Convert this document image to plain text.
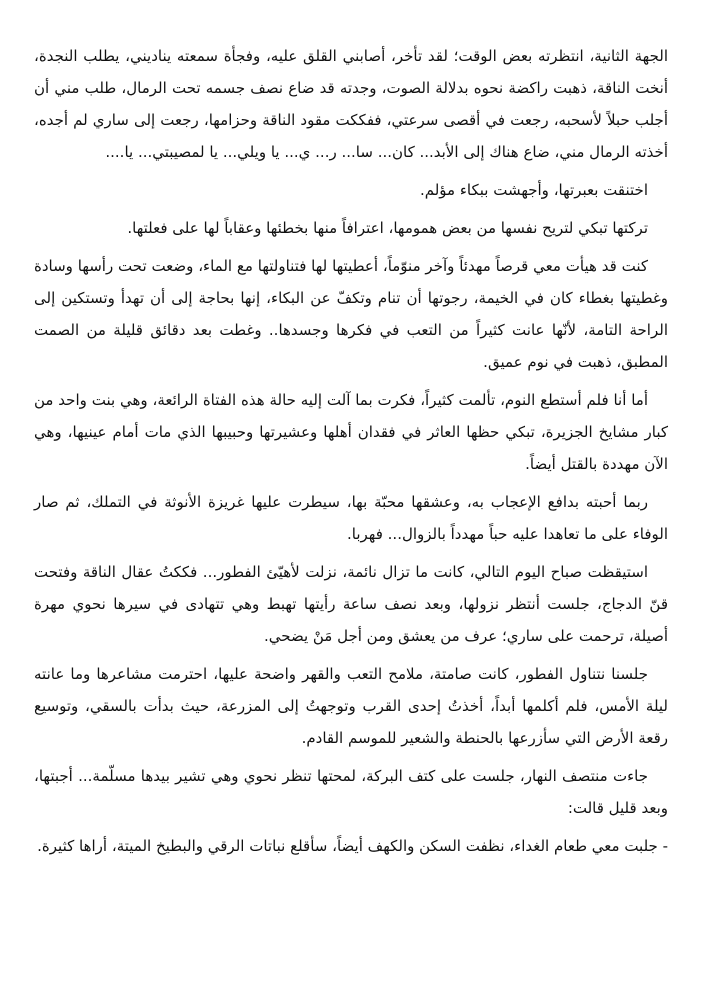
الجهة الثانية، انتظرته بعض الوقت؛ لقد تأخر، أصابني القلق عليه، وفجأة سمعته يناديني، يطلب النجدة، أنخت الناقة، ذهبت راكضة نحوه بدلالة الصوت، وجدته قد ضاع نصف جسمه تحت الرمال، طلب مني أن أجلب حبلاً لأسحبه، رجعت في أقصى سرعتي، ففككت مقود الناقة وحزامها، رجعت إلى ساري لم أجده، أخذته الرمال مني، ضاع هناك إلى الأبد... كان... سا... ر... ي... يا ويلي... يا لمصيبتي... يا....

اختنقت بعبرتها، وأجهشت ببكاء مؤلم.

تركتها تبكي لتريح نفسها من بعض همومها، اعترافاً منها بخطئها وعقاباً لها على فعلتها.

كنت قد هيأت معي قرصاً مهدئاً وآخر منوّماً، أعطيتها لها فتناولتها مع الماء، وضعت تحت رأسها وسادة وغطيتها بغطاء كان في الخيمة، رجوتها أن تنام وتكفّ عن البكاء، إنها بحاجة إلى أن تهدأ وتستكين إلى الراحة التامة، لأنّها عانت كثيراً من التعب في فكرها وجسدها.. وغطت بعد دقائق قليلة من الصمت المطبق، ذهبت في نوم عميق.

أما أنا فلم أستطع النوم، تألمت كثيراً، فكرت بما آلت إليه حالة هذه الفتاة الرائعة، وهي بنت واحد من كبار مشايخ الجزيرة، تبكي حظها العاثر في فقدان أهلها وعشيرتها وحبيبها الذي مات أمام عينيها، وهي الآن مهددة بالقتل أيضاً.

ربما أحبته بدافع الإعجاب به، وعشقها محبّة بها، سيطرت عليها غريزة الأنوثة في التملك، ثم صار الوفاء على ما تعاهدا عليه حباً مهدداً بالزوال... فهربا.

استيقظت صباح اليوم التالي، كانت ما تزال نائمة، نزلت لأهيّئ الفطور... فككتُ عقال الناقة وفتحت قنّ الدجاج، جلست أنتظر نزولها، وبعد نصف ساعة رأيتها تهبط وهي تتهادى في سيرها نحوي مهرة أصيلة، ترحمت على ساري؛ عرف من يعشق ومن أجل مَنْ يضحي.

جلسنا نتناول الفطور، كانت صامتة، ملامح التعب والقهر واضحة عليها، احترمت مشاعرها وما عانته ليلة الأمس، فلم أكلمها أبداً، أخذتُ إحدى القرب وتوجهتُ إلى المزرعة، حيث بدأت بالسقي، وتوسيع رقعة الأرض التي سأزرعها بالحنطة والشعير للموسم القادم.

جاءت منتصف النهار، جلست على كتف البركة، لمحتها تنظر نحوي وهي تشير بيدها مسلّمة... أجبتها، وبعد قليل قالت:

- جلبت معي طعام الغداء، نظفت السكن والكهف أيضاً، سأقلع نباتات الرقي والبطيخ الميتة، أراها كثيرة.
